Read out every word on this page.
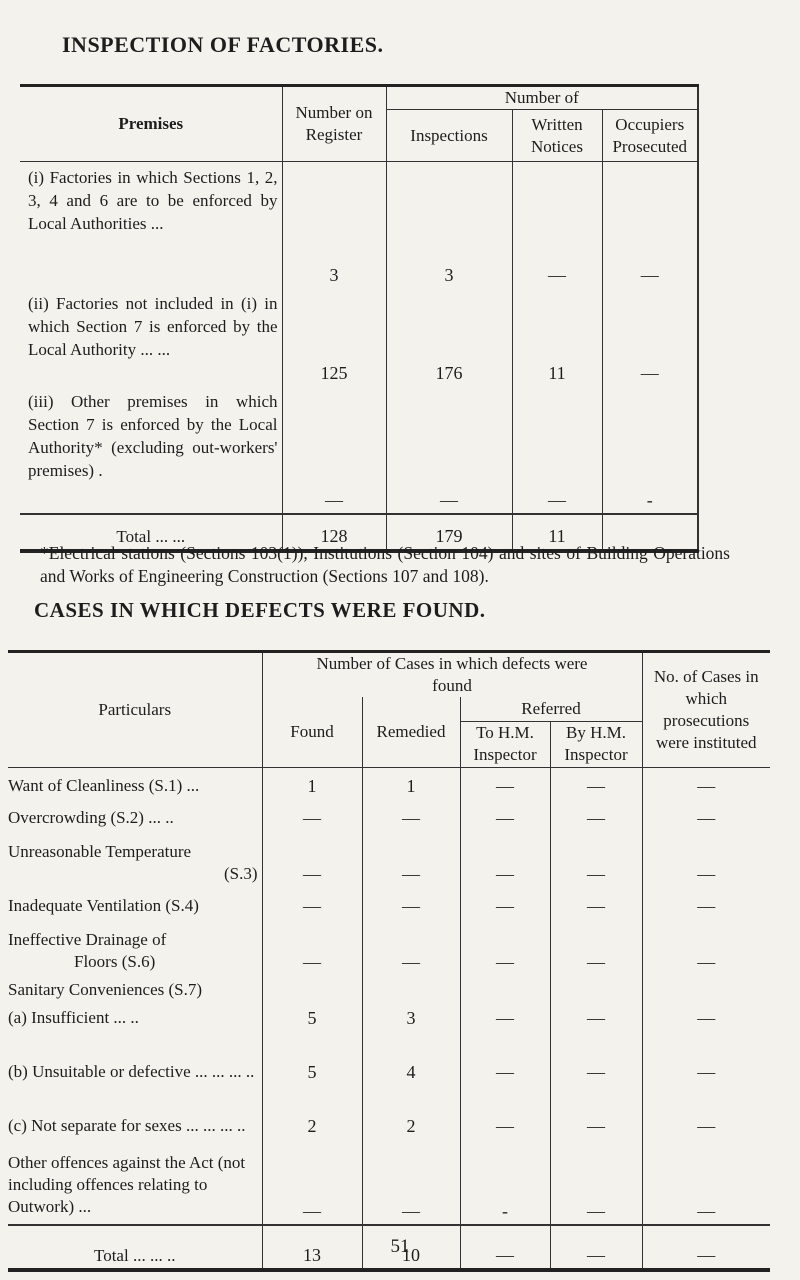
INSPECTION OF FACTORIES.
Premises	Number on Register	Number of		
		Inspections	Written Notices	Occupiers Prosecuted
(i) Factories in which Sections 1, 2, 3, 4 and 6 are to be enforced by Local Authorities ...	3	3	—	—
(ii) Factories not included in (i) in which Section 7 is enforced by the Local Authority ... ...	125	176	11	—
(iii) Other premises in which Section 7 is enforced by the Local Authority* (excluding out-workers' premises) .	—	—	—	-
Total ... ...	128	179	11	
*Electrical stations (Sections 103(1)), Institutions (Section 104) and sites of Building Operations and Works of Engineering Construction (Sections 107 and 108).
CASES IN WHICH DEFECTS WERE FOUND.
Particulars	Number of Cases in which defects were found				No. of Cases in which prosecutions were instituted
	Found	Remedied	Referred		
			To H.M. Inspector	By H.M. Inspector	
Want of Cleanliness (S.1) ...	1	1	—	—	—
Overcrowding (S.2) ... ..	—	—	—	—	—

Unreasonable Temperature
(S.3)	—	—	—	—	—
Inadequate Ventilation (S.4)	—	—	—	—	—

Ineffective Drainage of
Floors (S.6)	—	—	—	—	—
Sanitary Conveniences (S.7)					
(a) Insufficient ... ..	5	3	—	—	—
(b) Unsuitable or defective ... ... ... ..	5	4	—	—	—
(c) Not separate for sexes ... ... ... ..	2	2	—	—	—
Other offences against the Act (not including offences relating to Outwork) ...	—	—	-	—	—
Total ... ... ..	13	10	—	—	—
51
